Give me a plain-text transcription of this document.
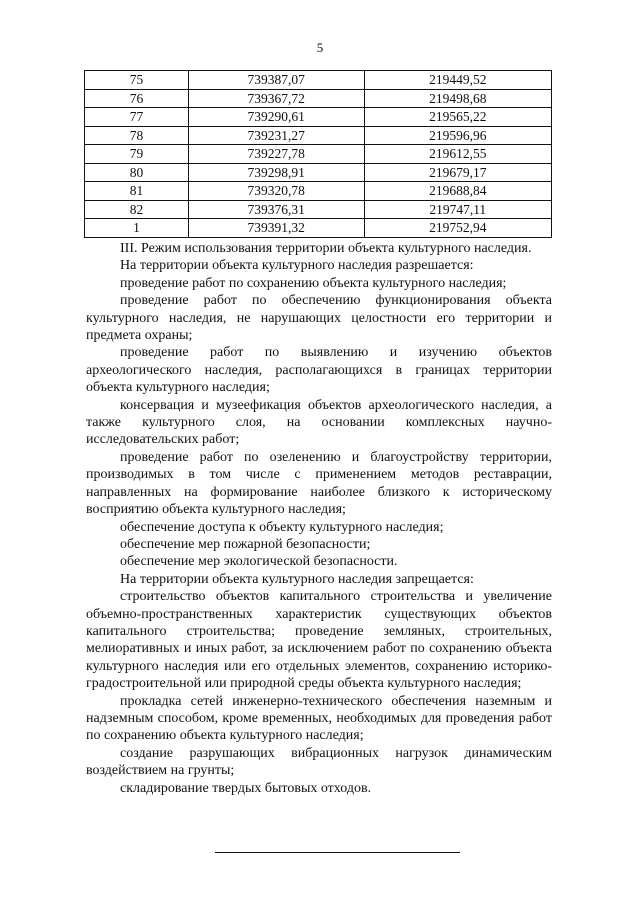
5
75	739387,07	219449,52
76	739367,72	219498,68
77	739290,61	219565,22
78	739231,27	219596,96
79	739227,78	219612,55
80	739298,91	219679,17
81	739320,78	219688,84
82	739376,31	219747,11
1	739391,32	219752,94

III. Режим использования территории объекта культурного наследия.

На территории объекта культурного наследия разрешается:

проведение работ по сохранению объекта культурного наследия;

проведение работ по обеспечению функционирования объекта культурного наследия, не нарушающих целостности его территории и предмета охраны;

проведение работ по выявлению и изучению объектов археологического наследия, располагающихся в границах территории объекта культурного наследия;

консервация и музеефикация объектов археологического наследия, а также культурного слоя, на основании комплексных научно-исследовательских работ;

проведение работ по озеленению и благоустройству территории, производимых в том числе с применением методов реставрации, направленных на формирование наиболее близкого к историческому восприятию объекта культурного наследия;

обеспечение доступа к объекту культурного наследия;

обеспечение мер пожарной безопасности;

обеспечение мер экологической безопасности.

На территории объекта культурного наследия запрещается:

строительство объектов капитального строительства и увеличение объемно-пространственных характеристик существующих объектов капитального строительства; проведение земляных, строительных, мелиоративных и иных работ, за исключением работ по сохранению объекта культурного наследия или его отдельных элементов, сохранению историко-градостроительной или природной среды объекта культурного наследия;

прокладка сетей инженерно-технического обеспечения наземным и надземным способом, кроме временных, необходимых для проведения работ по сохранению объекта культурного наследия;

создание разрушающих вибрационных нагрузок динамическим воздействием на грунты;

складирование твердых бытовых отходов.
